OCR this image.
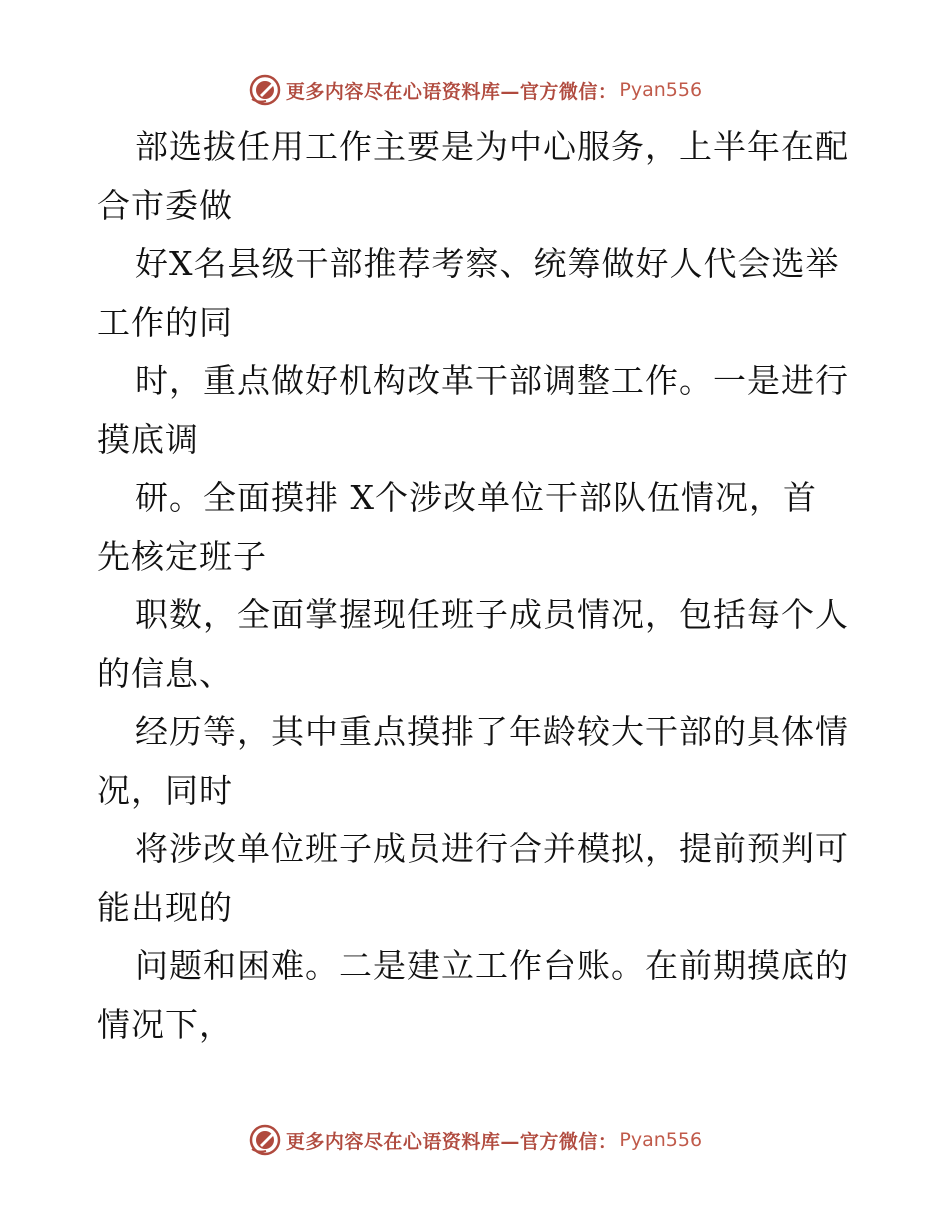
更多内容尽在心语资料库—官方微信： Pyan556
部选拔任用工作主要是为中心服务，上半年在配
合市委做
好X名县级干部推荐考察、统筹做好人代会选举
工作的同
时，重点做好机构改革干部调整工作。一是进行
摸底调
研。全面摸排 X个涉改单位干部队伍情况，首
先核定班子
职数，全面掌握现任班子成员情况，包括每个人
的信息、
经历等，其中重点摸排了年龄较大干部的具体情
况，同时
将涉改单位班子成员进行合并模拟，提前预判可
能出现的
问题和困难。二是建立工作台账。在前期摸底的
情况下，
更多内容尽在心语资料库—官方微信： Pyan556
